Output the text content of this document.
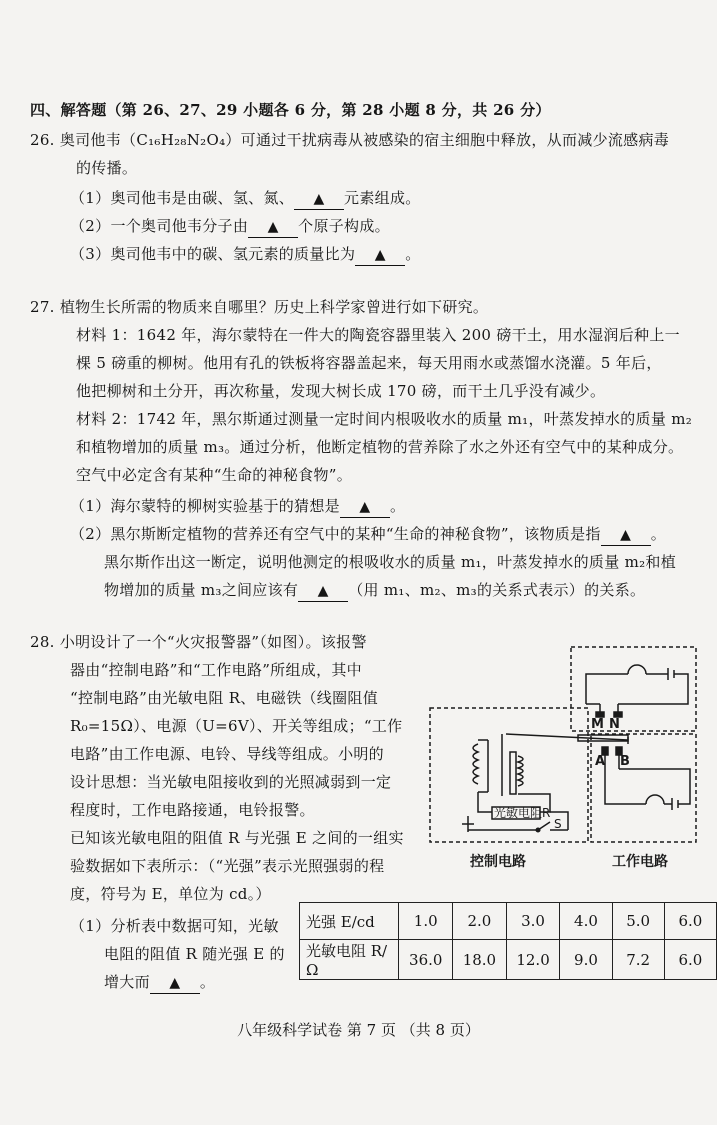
四、解答题（第 26、27、29 小题各 6 分，第 28 小题 8 分，共 26 分）
26. 奥司他韦（C₁₆H₂₈N₂O₄）可通过干扰病毒从被感染的宿主细胞中释放，从而减少流感病毒
的传播。
（1）奥司他韦是由碳、氢、氮、 ▲ 元素组成。
（2）一个奥司他韦分子由 ▲ 个原子构成。
（3）奥司他韦中的碳、氢元素的质量比为 ▲ 。
27. 植物生长所需的物质来自哪里？历史上科学家曾进行如下研究。
材料 1：1642 年，海尔蒙特在一件大的陶瓷容器里装入 200 磅干土，用水湿润后种上一
棵 5 磅重的柳树。他用有孔的铁板将容器盖起来，每天用雨水或蒸馏水浇灌。5 年后，
他把柳树和土分开，再次称量，发现大树长成 170 磅，而干土几乎没有减少。
材料 2：1742 年，黑尔斯通过测量一定时间内根吸收水的质量 m₁，叶蒸发掉水的质量 m₂
和植物增加的质量 m₃。通过分析，他断定植物的营养除了水之外还有空气中的某种成分。
空气中必定含有某种“生命的神秘食物”。
（1）海尔蒙特的柳树实验基于的猜想是 ▲ 。
（2）黑尔斯断定植物的营养还有空气中的某种“生命的神秘食物”，该物质是指 ▲ 。
黑尔斯作出这一断定，说明他测定的根吸收水的质量 m₁，叶蒸发掉水的质量 m₂和植
物增加的质量 m₃之间应该有 ▲ （用 m₁、m₂、m₃的关系式表示）的关系。
28. 小明设计了一个“火灾报警器”（如图）。该报警
器由“控制电路”和“工作电路”所组成，其中
“控制电路”由光敏电阻 R、电磁铁（线圈阻值
R₀=15Ω）、电源（U=6V）、开关等组成；“工作
电路”由工作电源、电铃、导线等组成。小明的
设计思想：当光敏电阻接收到的光照减弱到一定
程度时，工作电路接通，电铃报警。
已知该光敏电阻的阻值 R 与光强 E 之间的一组实
验数据如下表所示：（“光强”表示光照强弱的程
度，符号为 E，单位为 cd。）
（1）分析表中数据可知，光敏
电阻的阻值 R 随光强 E 的
增大而 ▲ 。
M N
A B
光敏电阻R
S
控制电路	工作电路
光强 E/cd	1.0	2.0	3.0	4.0	5.0	6.0
光敏电阻 R/Ω	36.0	18.0	12.0	9.0	7.2	6.0
八年级科学试卷 第 7 页 （共 8 页）
